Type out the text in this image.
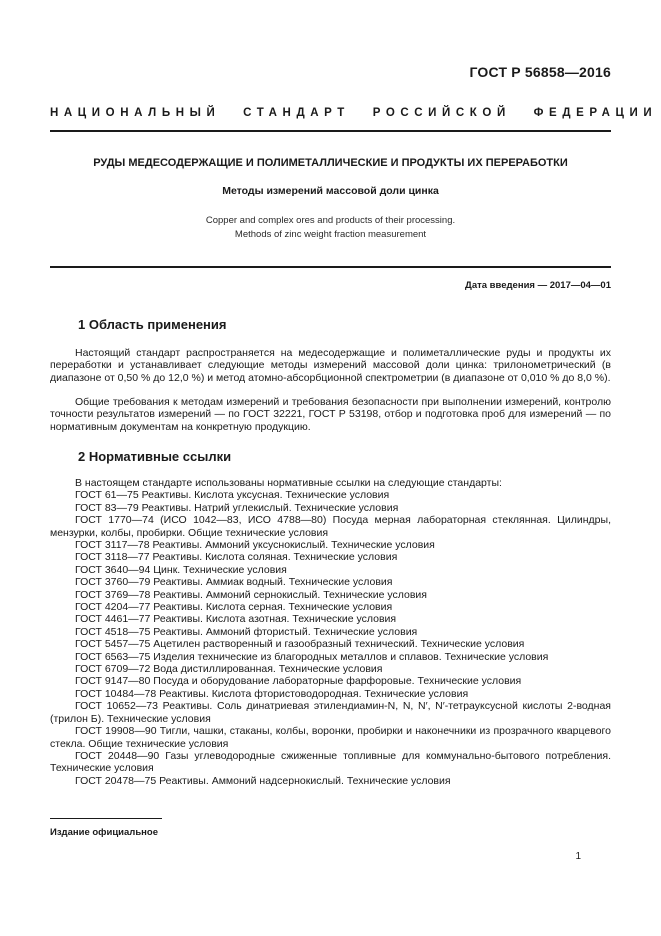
ГОСТ Р 56858—2016
НАЦИОНАЛЬНЫЙ СТАНДАРТ РОССИЙСКОЙ ФЕДЕРАЦИИ
РУДЫ МЕДЕСОДЕРЖАЩИЕ И ПОЛИМЕТАЛЛИЧЕСКИЕ И ПРОДУКТЫ ИХ ПЕРЕРАБОТКИ
Методы измерений массовой доли цинка
Copper and complex ores and products of their processing.
Methods of zinc weight fraction measurement
Дата введения — 2017—04—01
1 Область применения
Настоящий стандарт распространяется на медесодержащие и полиметаллические руды и продукты их переработки и устанавливает следующие методы измерений массовой доли цинка: трилонометрический (в диапазоне от 0,50 % до 12,0 %) и метод атомно-абсорбционной спектрометрии (в диапазоне от 0,010 % до 8,0 %).
Общие требования к методам измерений и требования безопасности при выполнении измерений, контролю точности результатов измерений — по ГОСТ 32221, ГОСТ Р 53198, отбор и подготовка проб для измерений — по нормативным документам на конкретную продукцию.
2 Нормативные ссылки
В настоящем стандарте использованы нормативные ссылки на следующие стандарты:
ГОСТ 61—75 Реактивы. Кислота уксусная. Технические условия
ГОСТ 83—79 Реактивы. Натрий углекислый. Технические условия
ГОСТ 1770—74 (ИСО 1042—83, ИСО 4788—80) Посуда мерная лабораторная стеклянная. Цилиндры, мензурки, колбы, пробирки. Общие технические условия
ГОСТ 3117—78 Реактивы. Аммоний уксуснокислый. Технические условия
ГОСТ 3118—77 Реактивы. Кислота соляная. Технические условия
ГОСТ 3640—94 Цинк. Технические условия
ГОСТ 3760—79 Реактивы. Аммиак водный. Технические условия
ГОСТ 3769—78 Реактивы. Аммоний сернокислый. Технические условия
ГОСТ 4204—77 Реактивы. Кислота серная. Технические условия
ГОСТ 4461—77 Реактивы. Кислота азотная. Технические условия
ГОСТ 4518—75 Реактивы. Аммоний фтористый. Технические условия
ГОСТ 5457—75 Ацетилен растворенный и газообразный технический. Технические условия
ГОСТ 6563—75 Изделия технические из благородных металлов и сплавов. Технические условия
ГОСТ 6709—72 Вода дистиллированная. Технические условия
ГОСТ 9147—80 Посуда и оборудование лабораторные фарфоровые. Технические условия
ГОСТ 10484—78 Реактивы. Кислота фтористоводородная. Технические условия
ГОСТ 10652—73 Реактивы. Соль динатриевая этилендиамин-N, N, N′, N′-тетрауксусной кислоты 2-водная (трилон Б). Технические условия
ГОСТ 19908—90 Тигли, чашки, стаканы, колбы, воронки, пробирки и наконечники из прозрачного кварцевого стекла. Общие технические условия
ГОСТ 20448—90 Газы углеводородные сжиженные топливные для коммунально-бытового потребления. Технические условия
ГОСТ 20478—75 Реактивы. Аммоний надсернокислый. Технические условия
Издание официальное
1
